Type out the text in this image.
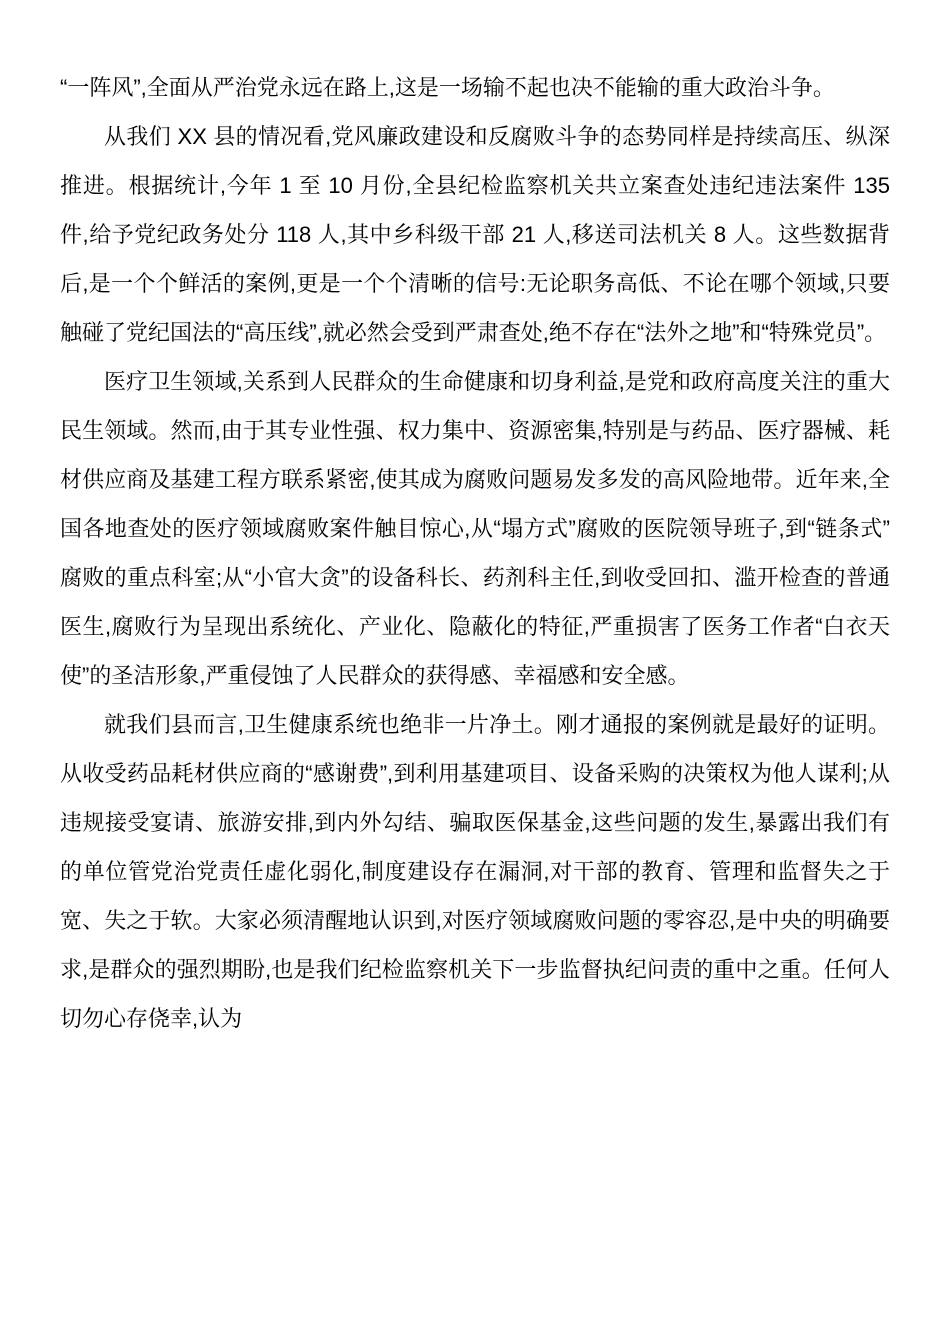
“一阵风”,全面从严治党永远在路上,这是一场输不起也决不能输的重大政治斗争。

从我们 XX 县的情况看,党风廉政建设和反腐败斗争的态势同样是持续高压、纵深推进。根据统计,今年 1 至 10 月份,全县纪检监察机关共立案查处违纪违法案件 135 件,给予党纪政务处分 118 人,其中乡科级干部 21 人,移送司法机关 8 人。这些数据背后,是一个个鲜活的案例,更是一个个清晰的信号:无论职务高低、不论在哪个领域,只要触碰了党纪国法的“高压线”,就必然会受到严肃查处,绝不存在“法外之地”和“特殊党员”。

医疗卫生领域,关系到人民群众的生命健康和切身利益,是党和政府高度关注的重大民生领域。然而,由于其专业性强、权力集中、资源密集,特别是与药品、医疗器械、耗材供应商及基建工程方联系紧密,使其成为腐败问题易发多发的高风险地带。近年来,全国各地查处的医疗领域腐败案件触目惊心,从“塌方式”腐败的医院领导班子,到“链条式”腐败的重点科室;从“小官大贪”的设备科长、药剂科主任,到收受回扣、滥开检查的普通医生,腐败行为呈现出系统化、产业化、隐蔽化的特征,严重损害了医务工作者“白衣天使”的圣洁形象,严重侵蚀了人民群众的获得感、幸福感和安全感。

就我们县而言,卫生健康系统也绝非一片净土。刚才通报的案例就是最好的证明。从收受药品耗材供应商的“感谢费”,到利用基建项目、设备采购的决策权为他人谋利;从违规接受宴请、旅游安排,到内外勾结、骗取医保基金,这些问题的发生,暴露出我们有的单位管党治党责任虚化弱化,制度建设存在漏洞,对干部的教育、管理和监督失之于宽、失之于软。大家必须清醒地认识到,对医疗领域腐败问题的零容忍,是中央的明确要求,是群众的强烈期盼,也是我们纪检监察机关下一步监督执纪问责的重中之重。任何人切勿心存侥幸,认为
